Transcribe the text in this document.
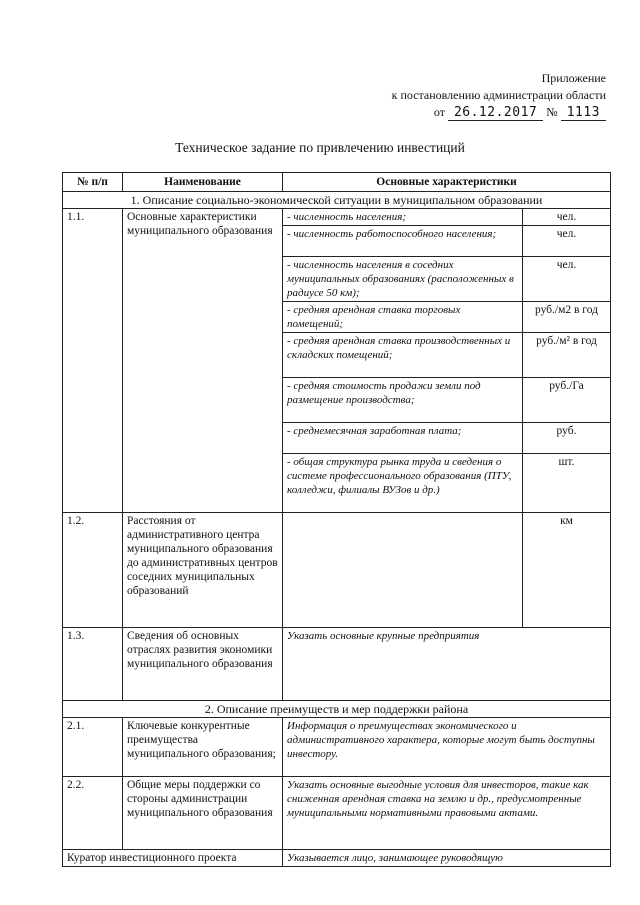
Приложение
к постановлению администрации области
от 26.12.2017 № 1113
Техническое задание по привлечению инвестиций
№ п/п	Наименование	Основные характеристики	
1. Описание социально-экономической ситуации в муниципальном образовании			
1.1.	Основные характеристики муниципального образования	- численность населения;	чел.
		- численность работоспособного населения;	чел.
		- численность населения в соседних муниципальных образованиях (расположенных в радиусе 50 км);	чел.
		- средняя арендная ставка торговых помещений;	руб./м2 в год
		- средняя арендная ставка производственных и складских помещений;	руб./м² в год
		- средняя стоимость продажи земли под размещение производства;	руб./Га
		- среднемесячная заработная плата;	руб.
		- общая структура рынка труда и сведения о системе профессионального образования (ПТУ, колледжи, филиалы ВУЗов и др.)	шт.
1.2.	Расстояния от административного центра муниципального образования до административных центров соседних муниципальных образований		км
1.3.	Сведения об основных отраслях развития экономики муниципального образования	Указать основные крупные предприятия	
2. Описание преимуществ и мер поддержки района			
2.1.	Ключевые конкурентные преимущества муниципального образования;	Информация о преимуществах экономического и административного характера, которые могут быть доступны инвестору.	
2.2.	Общие меры поддержки со стороны администрации муниципального образования	Указать основные выгодные условия для инвесторов, такие как сниженная арендная ставка на землю и др., предусмотренные муниципальными нормативными правовыми актами.	
Куратор инвестиционного проекта		Указывается лицо, занимающее руководящую	
